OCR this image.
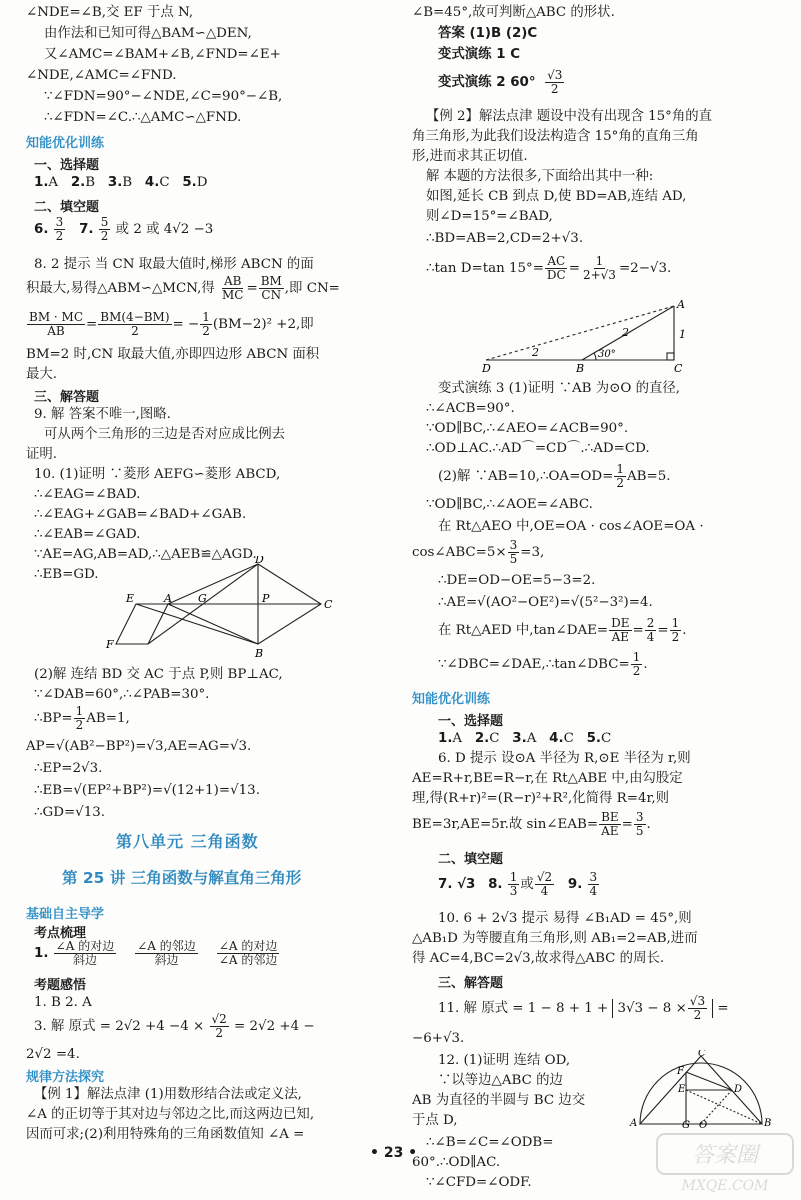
∠NDE=∠B,交 EF 于点 N,
由作法和已知可得△BAM∽△DEN,
又∠AMC=∠BAM+∠B,∠FND=∠E+
∠NDE,∠AMC=∠FND.
∵∠FDN=90°−∠NDE,∠C=90°−∠B,
∴∠FDN=∠C.∴△AMC∽△FND.
知能优化训练
一、选择题
1.A 2.B 3.B 4.C 5.D
二、填空题
6. $\frac{3}{2} 7$. $\frac{5}{2}$ 或 2 或 4√2 −3
8. 2 提示 当 CN 取最大值时,梯形 ABCN 的面
积最大,易得△ABM∽△MCN,得 $\frac{AB}{MC} = \frac{BM}{CN}$ ,即 CN=
$\frac{BM \cdot MC}{AB} = \frac{BM(4-BM)}{2}$ = − $\frac{1}{2} (BM-2)^2 +2$,即
BM=2 时,CN 取最大值,亦即四边形 ABCN 面积
最大.
三、解答题
9. 解 答案不唯一,图略.
可从两个三角形的三边是否对应成比例去
证明.
10. (1)证明 ∵菱形 AEFG∽菱形 ABCD,
∴∠EAG=∠BAD.
∴∠EAG+∠GAB=∠BAD+∠GAB.
∴∠EAB=∠GAD.
∵AE=AG,AB=AD,∴△AEB≌△AGD.
∴EB=GD.
D
E	A G	P	C
F
B
(2)解 连结 BD 交 AC 于点 P,则 BP⊥AC,
∵∠DAB=60°,∴∠PAB=30°.
∴BP= $\frac{1}{2} AB=1$,
AP=√(AB²−BP²)=√3,AE=AG=√3.
∴EP=2√3.
∴EB=√(EP²+BP²)=√(12+1)=√13.
∴GD=√13.
第八单元 三角函数
第 25 讲 三角函数与解直角三角形
基础自主导学
考点梳理
1. $\frac{\text{∠A 的对边}}{\text{斜边}}$
$\frac{\text{∠A 的邻边}}{\text{斜边}}$
$\frac{\text{∠A 的对边}}{\text{∠A 的邻边}}$
考题感悟
1. B 2. A
3. 解 原式 = $2√2 +4 -4 \times \frac{√2}{2} = 2√2 +4$ −
2√2 =4.
规律方法探究
【例 1】解法点津 (1)用数形结合法或定义法,
∠A 的正切等于其对边与邻边之比,而这两边已知,
因而可求;(2)利用特殊角的三角函数值知 ∠A =
∠B=45°,故可判断△ABC 的形状.
答案 (1)B (2)C
变式演练 1 C
变式演练 2 $60^\circ \frac{√3}{2}$
【例 2】解法点津 题设中没有出现含 15°角的直
角三角形,为此我们设法构造含 15°角的直角三角
形,进而求其正切值.
解 本题的方法很多,下面给出其中一种:
如图,延长 CB 到点 D,使 BD=AB,连结 AD,
则∠D=15°=∠BAD,
∴BD=AB=2,CD=2+√3.
∴tan D=tan $15^\circ= \frac{AC}{DC} = \frac{1}{2+√3} =2-√3$.
A
D	B	C
2
2	1
30°
变式演练 3 (1)证明 ∵AB 为⊙O 的直径,
∴∠ACB=90°.
∵OD∥BC,∴∠AEO=∠ACB=90°.
∴OD⊥AC.∴AD⌒=CD⌒.∴AD=CD.
(2)解 ∵AB=10,∴OA=OD= $\frac{1}{2} AB=5$.
∵OD∥BC,∴∠AOE=∠ABC.
在 Rt△AEO 中,OE=OA · cos∠AOE=OA ·
cos∠ABC=5× $\frac{3}{5} =3$,
∴DE=OD−OE=5−3=2.
∴AE=√(AO²−OE²)=√(5²−3²)=4.
在 Rt△AED 中,tan∠DAE= $\frac{DE}{AE} = \frac{2}{4} = \frac{1}{2}$ .
∵∠DBC=∠DAE,∴tan∠DBC= $\frac{1}{2}$ .
知能优化训练
一、选择题
1.A 2.C 3.A 4.C 5.C
6. D 提示 设⊙A 半径为 R,⊙E 半径为 r,则
AE=R+r,BE=R−r,在 Rt△ABE 中,由勾股定
理,得(R+r)²=(R−r)²+R²,化简得 R=4r,则
BE=3r,AE=5r.故 sin∠EAB= $\frac{BE}{AE} = \frac{3}{5}$ .
二、填空题
7. √3 8. $\frac{1}{3}$ 或 $\frac{√2}{4} 9$. $\frac{3}{4}$
10. 6 + 2√3 提示 易得 ∠B₁AD = 45°,则
△AB₁D 为等腰直角三角形,则 AB₁=2=AB,进而
得 AC=4,BC=2√3,故求得△ABC 的周长.
三、解答题
11. 解 原式 = $1 - 8 + 1 + 3√3 - 8 \times \frac{√3}{2}$ =
−6+√3.
12. (1)证明 连结 OD,
∵以等边△ABC 的边
AB 为直径的半圆与 BC 边交
于点 D,
∴∠B=∠C=∠ODB=
60°.∴OD∥AC.
∵∠CFD=∠ODF.
C
F
E	D
A	G O	B
• 23 •	答案圈
MXQE.COM
